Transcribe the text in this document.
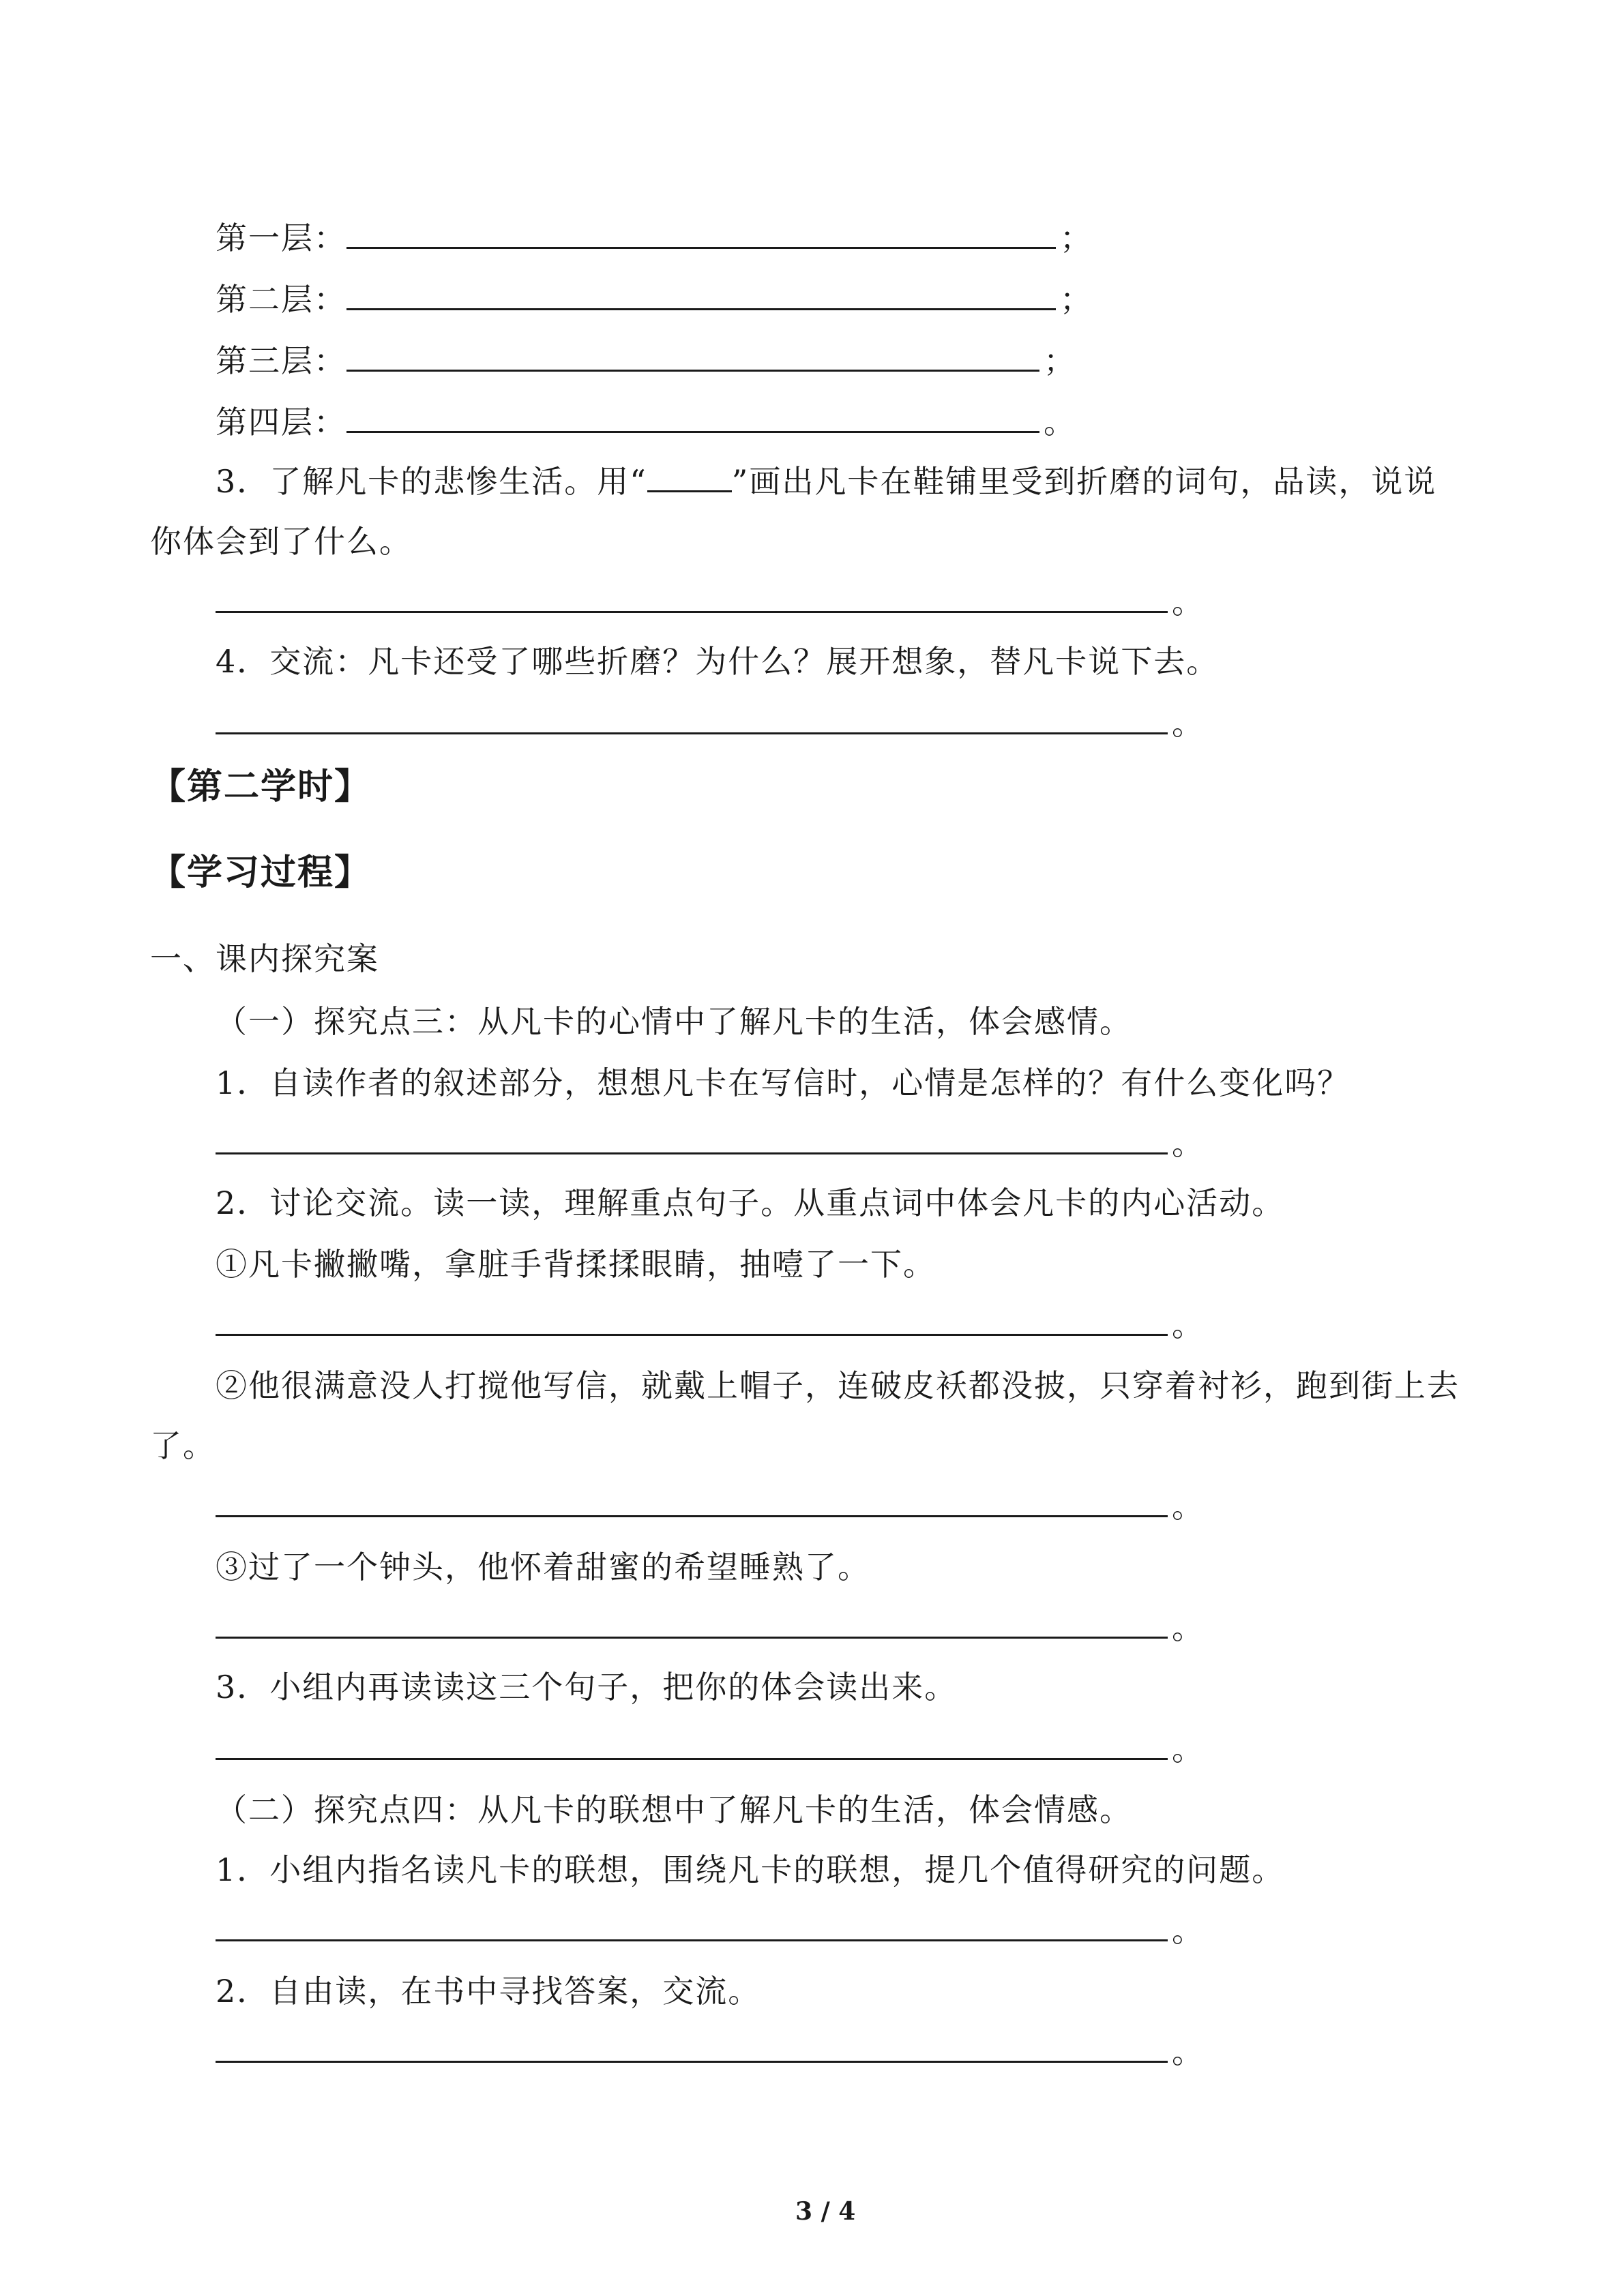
第一层：	；
第二层：	；
第三层：	；
第四层：	。
3．了解凡卡的悲惨生活。用“	”画出凡卡在鞋铺里受到折磨的词句，品读，说说
你体会到了什么。
。
4．交流：凡卡还受了哪些折磨？为什么？展开想象，替凡卡说下去。
。
【第二学时】
【学习过程】
一、课内探究案
（一）探究点三：从凡卡的心情中了解凡卡的生活，体会感情。
1．自读作者的叙述部分，想想凡卡在写信时，心情是怎样的？有什么变化吗？
。
2．讨论交流。读一读，理解重点句子。从重点词中体会凡卡的内心活动。
①凡卡撇撇嘴，拿脏手背揉揉眼睛，抽噎了一下。
。
②他很满意没人打搅他写信，就戴上帽子，连破皮袄都没披，只穿着衬衫，跑到街上去
了。
。
③过了一个钟头，他怀着甜蜜的希望睡熟了。
。
3．小组内再读读这三个句子，把你的体会读出来。
。
（二）探究点四：从凡卡的联想中了解凡卡的生活，体会情感。
1．小组内指名读凡卡的联想，围绕凡卡的联想，提几个值得研究的问题。
。
2．自由读，在书中寻找答案，交流。
。
3 / 4
